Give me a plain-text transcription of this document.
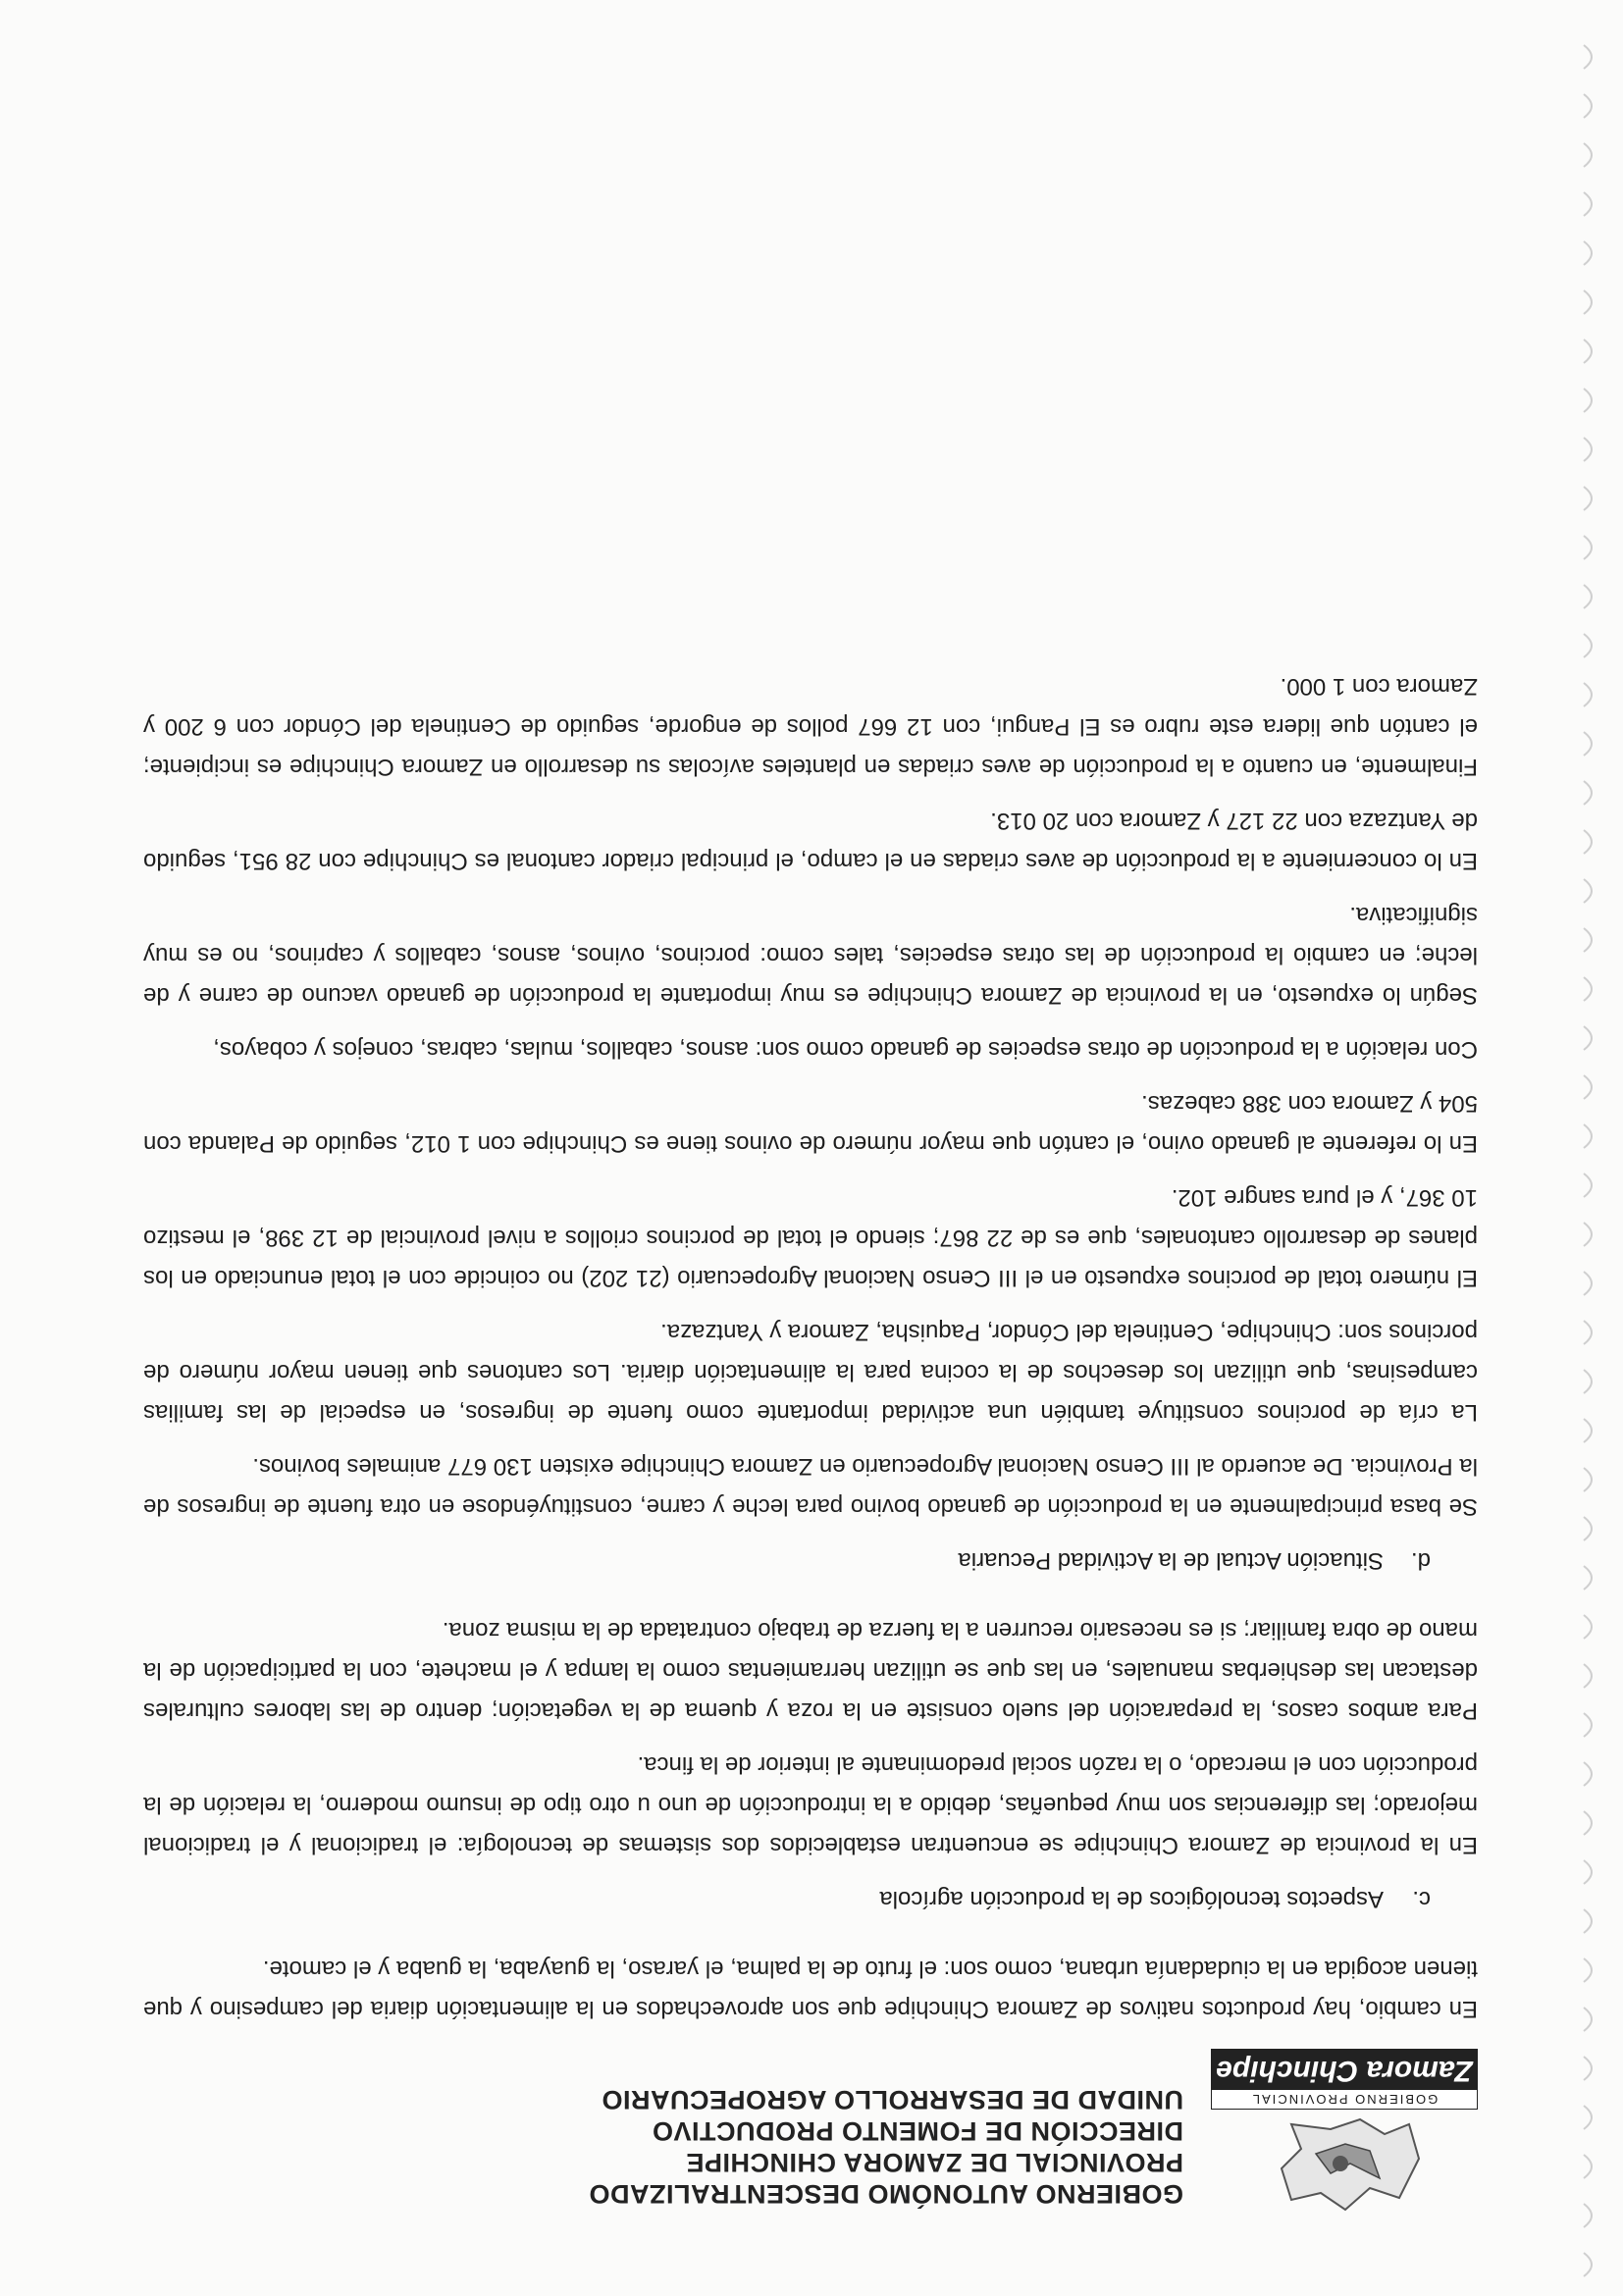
GOBIERNO PROVINCIAL
Zamora Chinchipe
GOBIERNO AUTONÓMO DESCENTRALIZADO
PROVINCIAL DE ZAMORA CHINCHIPE
DIRECCIÓN DE FOMENTO PRODUCTIVO
UNIDAD DE DESARROLLO AGROPECUARIO

En cambio, hay productos nativos de Zamora Chinchipe que son aprovechados en la alimentación diaria del campesino y que tienen acogida en la ciudadanía urbana, como son: el fruto de la palma, el yaraso, la guayaba, la guaba y el camote.

c.Aspectos tecnológicos de la producción agrícola

En la provincia de Zamora Chinchipe se encuentran establecidos dos sistemas de tecnología: el tradicional y el tradicional mejorado; las diferencias son muy pequeñas, debido a la introducción de uno u otro tipo de insumo moderno, la relación de la producción con el mercado, o la razón social predominante al interior de la finca.

Para ambos casos, la preparación del suelo consiste en la roza y quema de la vegetación; dentro de las labores culturales destacan las deshierbas manuales, en las que se utilizan herramientas como la lampa y el machete, con la participación de la mano de obra familiar; si es necesario recurren a la fuerza de trabajo contratada de la misma zona.

d.Situación Actual de la Actividad Pecuaria

Se basa principalmente en la producción de ganado bovino para leche y carne, constituyéndose en otra fuente de ingresos de la Provincia. De acuerdo al III Censo Nacional Agropecuario en Zamora Chinchipe existen 130 677 animales bovinos.

La cría de porcinos constituye también una actividad importante como fuente de ingresos, en especial de las familias campesinas, que utilizan los desechos de la cocina para la alimentación diaria. Los cantones que tienen mayor número de porcinos son: Chinchipe, Centinela del Cóndor, Paquisha, Zamora y Yantzaza.

El número total de porcinos expuesto en el III Censo Nacional Agropecuario (21 202) no coincide con el total enunciado en los planes de desarrollo cantonales, que es de 22 867; siendo el total de porcinos criollos a nivel provincial de 12 398, el mestizo 10 367, y el pura sangre 102.

En lo referente al ganado ovino, el cantón que mayor número de ovinos tiene es Chinchipe con 1 012, seguido de Palanda con 504 y Zamora con 388 cabezas.

Con relación a la producción de otras especies de ganado como son: asnos, caballos, mulas, cabras, conejos y cobayos,

Según lo expuesto, en la provincia de Zamora Chinchipe es muy importante la producción de ganado vacuno de carne y de leche; en cambio la producción de las otras especies, tales como: porcinos, ovinos, asnos, caballos y caprinos, no es muy significativa.

En lo concerniente a la producción de aves criadas en el campo, el principal criador cantonal es Chinchipe con 28 951, seguido de Yantzaza con 22 127 y Zamora con 20 013.

Finalmente, en cuanto a la producción de aves criadas en planteles avícolas su desarrollo en Zamora Chinchipe es incipiente; el cantón que lidera este rubro es El Pangui, con 12 667 pollos de engorde, seguido de Centinela del Cóndor con 6 200 y Zamora con 1 000.
